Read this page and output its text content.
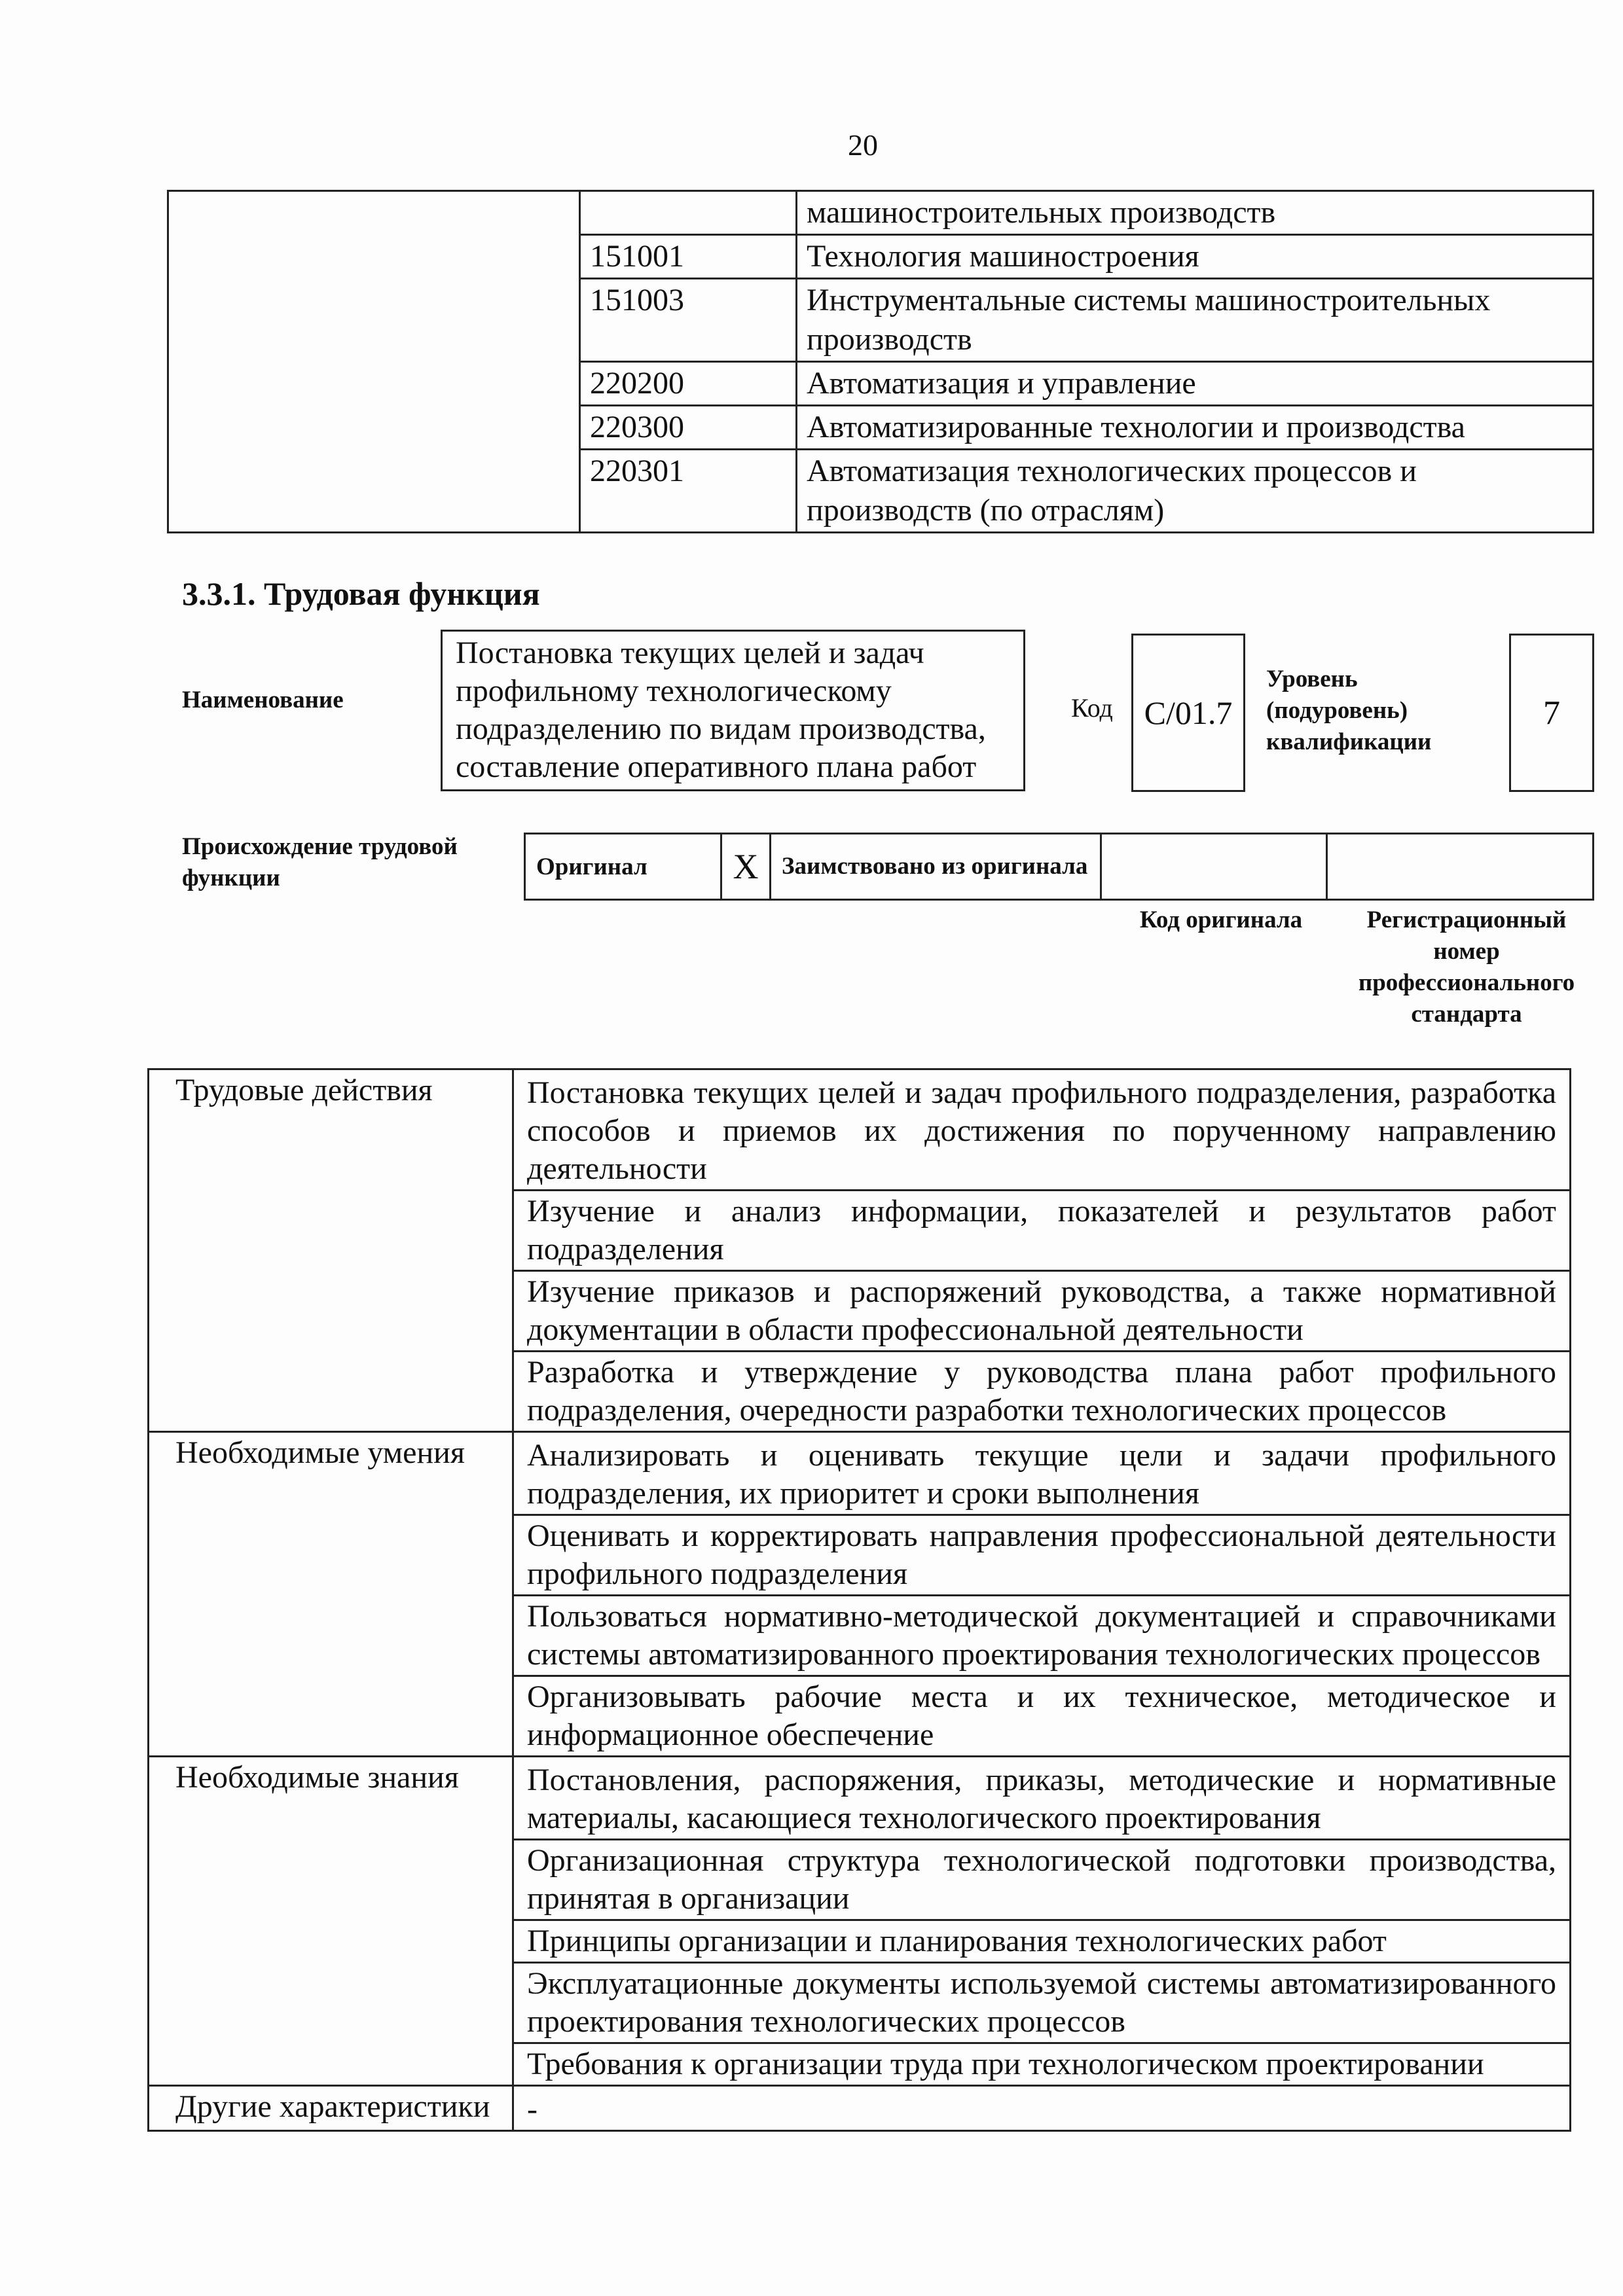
20
		машиностроительных производств
	151001	Технология машиностроения
	151003	Инструментальные системы машиностроительных производств
	220200	Автоматизация и управление
	220300	Автоматизированные технологии и производства
	220301	Автоматизация технологических процессов и производств (по отраслям)
3.3.1. Трудовая функция
Наименование
Постановка текущих целей и задач профильному технологическому подразделению по видам производства, составление оперативного плана работ
Код C/01.7
Уровень (подуровень) квалификации
7
Происхождение трудовой функции	Оригинал	X	Заимствовано из оригинала		
Код оригинала	Регистрационный номер профессионального стандарта
Трудовые действия	Постановка текущих целей и задач профильного подразделения, разработка способов и приемов их достижения по порученному направлению деятельности
	Изучение и анализ информации, показателей и результатов работ подразделения
	Изучение приказов и распоряжений руководства, а также нормативной документации в области профессиональной деятельности
	Разработка и утверждение у руководства плана работ профильного подразделения, очередности разработки технологических процессов
Необходимые умения	Анализировать и оценивать текущие цели и задачи профильного подразделения, их приоритет и сроки выполнения
	Оценивать и корректировать направления профессиональной деятельности профильного подразделения
	Пользоваться нормативно-методической документацией и справочниками системы автоматизированного проектирования технологических процессов
	Организовывать рабочие места и их техническое, методическое и информационное обеспечение
Необходимые знания	Постановления, распоряжения, приказы, методические и нормативные материалы, касающиеся технологического проектирования
	Организационная структура технологической подготовки производства, принятая в организации
	Принципы организации и планирования технологических работ
	Эксплуатационные документы используемой системы автоматизированного проектирования технологических процессов
	Требования к организации труда при технологическом проектировании
Другие характеристики	-
